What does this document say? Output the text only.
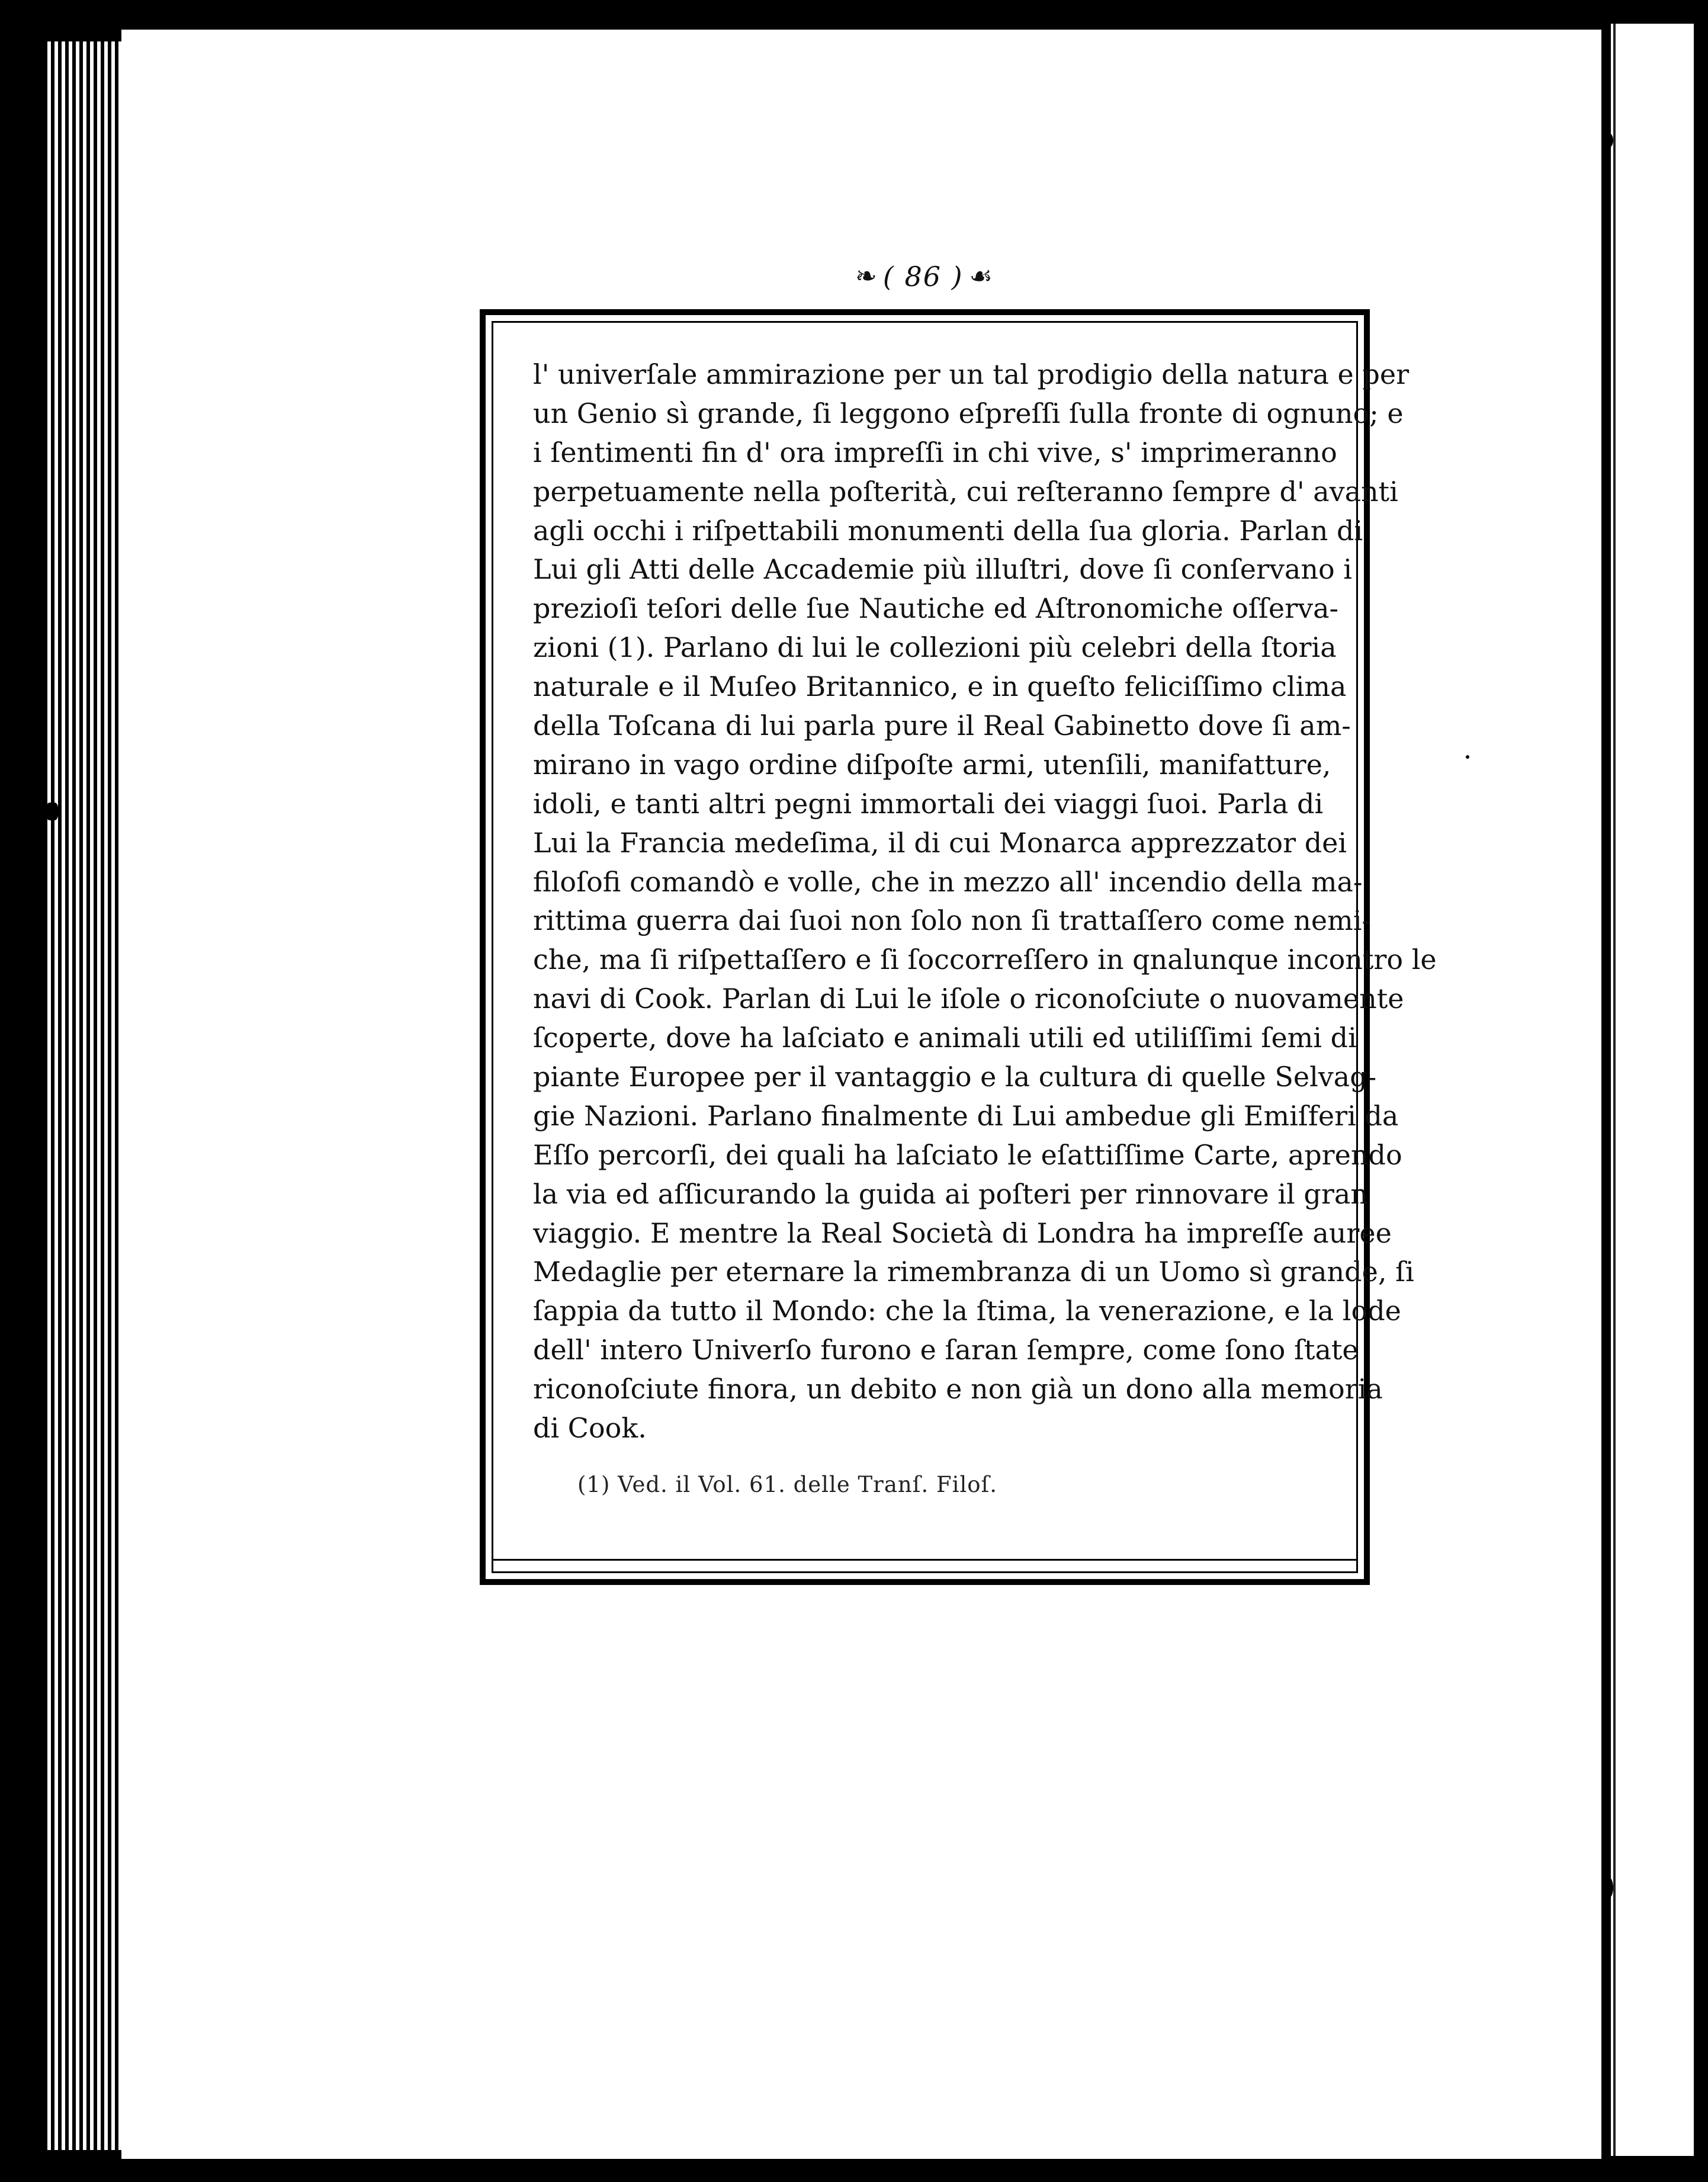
❧ ( 86 ) ☙
l' univerſale ammirazione per un tal prodigio della natura e per
un Genio sì grande, ſi leggono eſpreſſi ſulla fronte di ognuno; e
i ſentimenti fin d' ora impreſſi in chi vive, s' imprimeranno
perpetuamente nella poſterità, cui reſteranno ſempre d' avanti
agli occhi i riſpettabili monumenti della ſua gloria. Parlan di
Lui gli Atti delle Accademie più illuſtri, dove ſi conſervano i
prezioſi teſori delle ſue Nautiche ed Aſtronomiche oſſerva-
zioni (1). Parlano di lui le collezioni più celebri della ſtoria
naturale e il Muſeo Britannico, e in queſto feliciſſimo clima
della Toſcana di lui parla pure il Real Gabinetto dove ſi am-
mirano in vago ordine diſpoſte armi, utenſili, manifatture,
idoli, e tanti altri pegni immortali dei viaggi ſuoi. Parla di
Lui la Francia medeſima, il di cui Monarca apprezzator dei
filoſofi comandò e volle, che in mezzo all' incendio della ma-
rittima guerra dai ſuoi non ſolo non ſi trattaſſero come nemi-
che, ma ſi riſpettaſſero e ſi ſoccorreſſero in qnalunque incontro le
navi di Cook. Parlan di Lui le iſole o riconoſciute o nuovamente
ſcoperte, dove ha laſciato e animali utili ed utiliſſimi ſemi di
piante Europee per il vantaggio e la cultura di quelle Selvag-
gie Nazioni. Parlano finalmente di Lui ambedue gli Emiſferi da
Eſſo percorſi, dei quali ha laſciato le eſattiſſime Carte, aprendo
la via ed aſſicurando la guida ai poſteri per rinnovare il gran
viaggio. E mentre la Real Società di Londra ha impreſſe auree
Medaglie per eternare la rimembranza di un Uomo sì grande, ſi
ſappia da tutto il Mondo: che la ſtima, la venerazione, e la lode
dell' intero Univerſo furono e ſaran ſempre, come ſono ſtate
riconoſciute finora, un debito e non già un dono alla memoria
di Cook.
(1) Ved. il Vol. 61. delle Tranſ. Filoſ.
